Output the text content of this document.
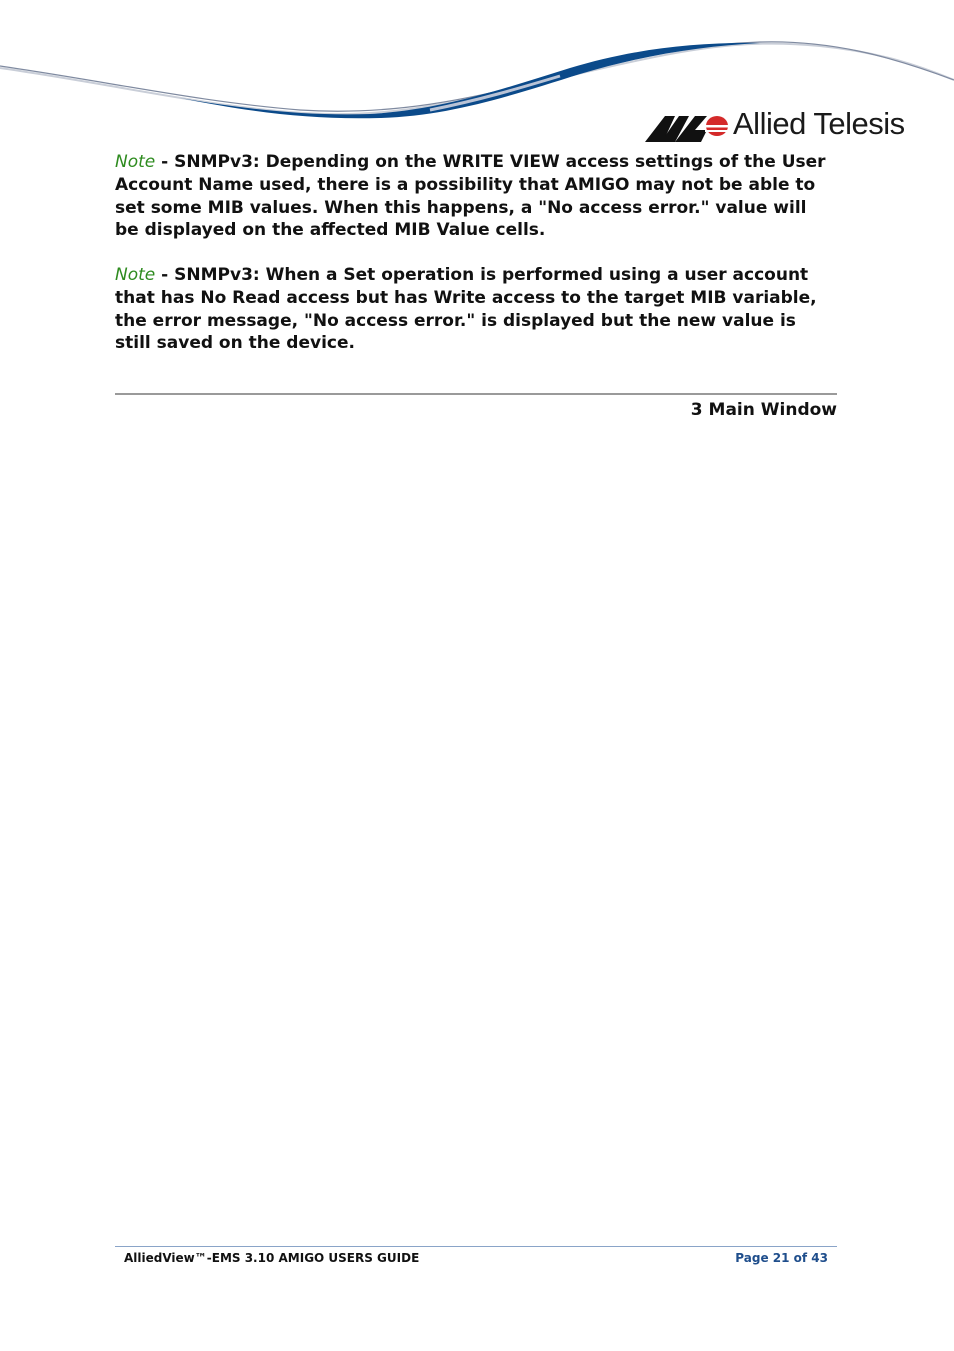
Allied Telesis
Note - SNMPv3: Depending on the WRITE VIEW access settings of the User Account Name used, there is a possibility that AMIGO may not be able to set some MIB values. When this happens, a "No access error." value will be displayed on the affected MIB Value cells.
Note - SNMPv3: When a Set operation is performed using a user account that has No Read access but has Write access to the target MIB variable, the error message, "No access error." is displayed but the new value is still saved on the device.
3 Main Window
AlliedView™-EMS 3.10 AMIGO USERS GUIDE	Page 21 of 43
